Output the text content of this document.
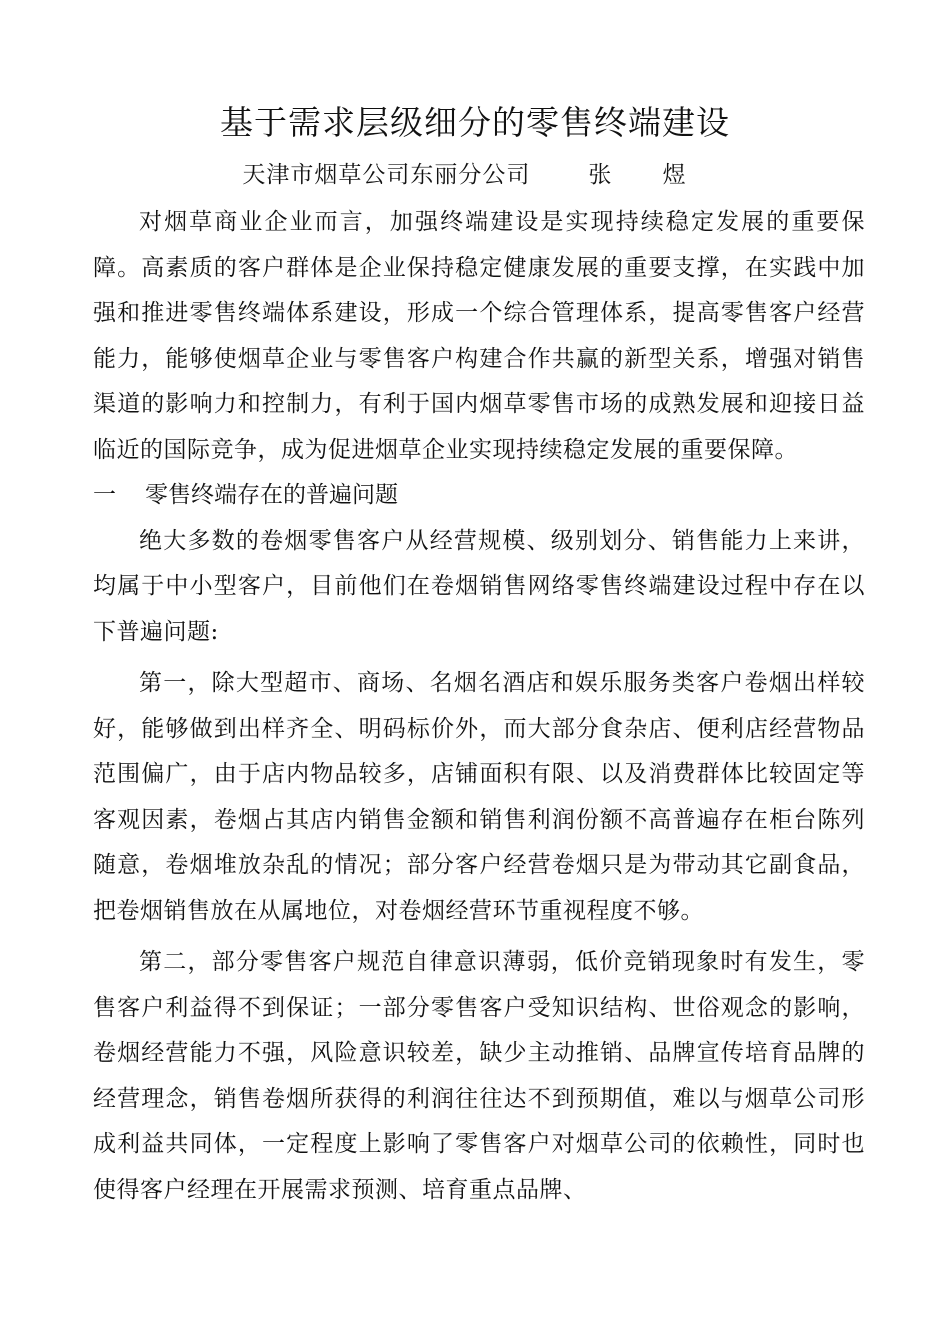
基于需求层级细分的零售终端建设
天津市烟草公司东丽分公司	张 煜

对烟草商业企业而言，加强终端建设是实现持续稳定发展的重要保障。高素质的客户群体是企业保持稳定健康发展的重要支撑，在实践中加强和推进零售终端体系建设，形成一个综合管理体系，提高零售客户经营能力，能够使烟草企业与零售客户构建合作共赢的新型关系，增强对销售渠道的影响力和控制力，有利于国内烟草零售市场的成熟发展和迎接日益临近的国际竞争，成为促进烟草企业实现持续稳定发展的重要保障。

一 零售终端存在的普遍问题

绝大多数的卷烟零售客户从经营规模、级别划分、销售能力上来讲，均属于中小型客户，目前他们在卷烟销售网络零售终端建设过程中存在以下普遍问题:

第一，除大型超市、商场、名烟名酒店和娱乐服务类客户卷烟出样较好，能够做到出样齐全、明码标价外，而大部分食杂店、便利店经营物品范围偏广，由于店内物品较多，店铺面积有限、以及消费群体比较固定等客观因素，卷烟占其店内销售金额和销售利润份额不高普遍存在柜台陈列随意，卷烟堆放杂乱的情况；部分客户经营卷烟只是为带动其它副食品，把卷烟销售放在从属地位，对卷烟经营环节重视程度不够。

第二，部分零售客户规范自律意识薄弱，低价竞销现象时有发生，零售客户利益得不到保证；一部分零售客户受知识结构、世俗观念的影响，卷烟经营能力不强，风险意识较差，缺少主动推销、品牌宣传培育品牌的经营理念，销售卷烟所获得的利润往往达不到预期值，难以与烟草公司形成利益共同体，一定程度上影响了零售客户对烟草公司的依赖性，同时也使得客户经理在开展需求预测、培育重点品牌、
